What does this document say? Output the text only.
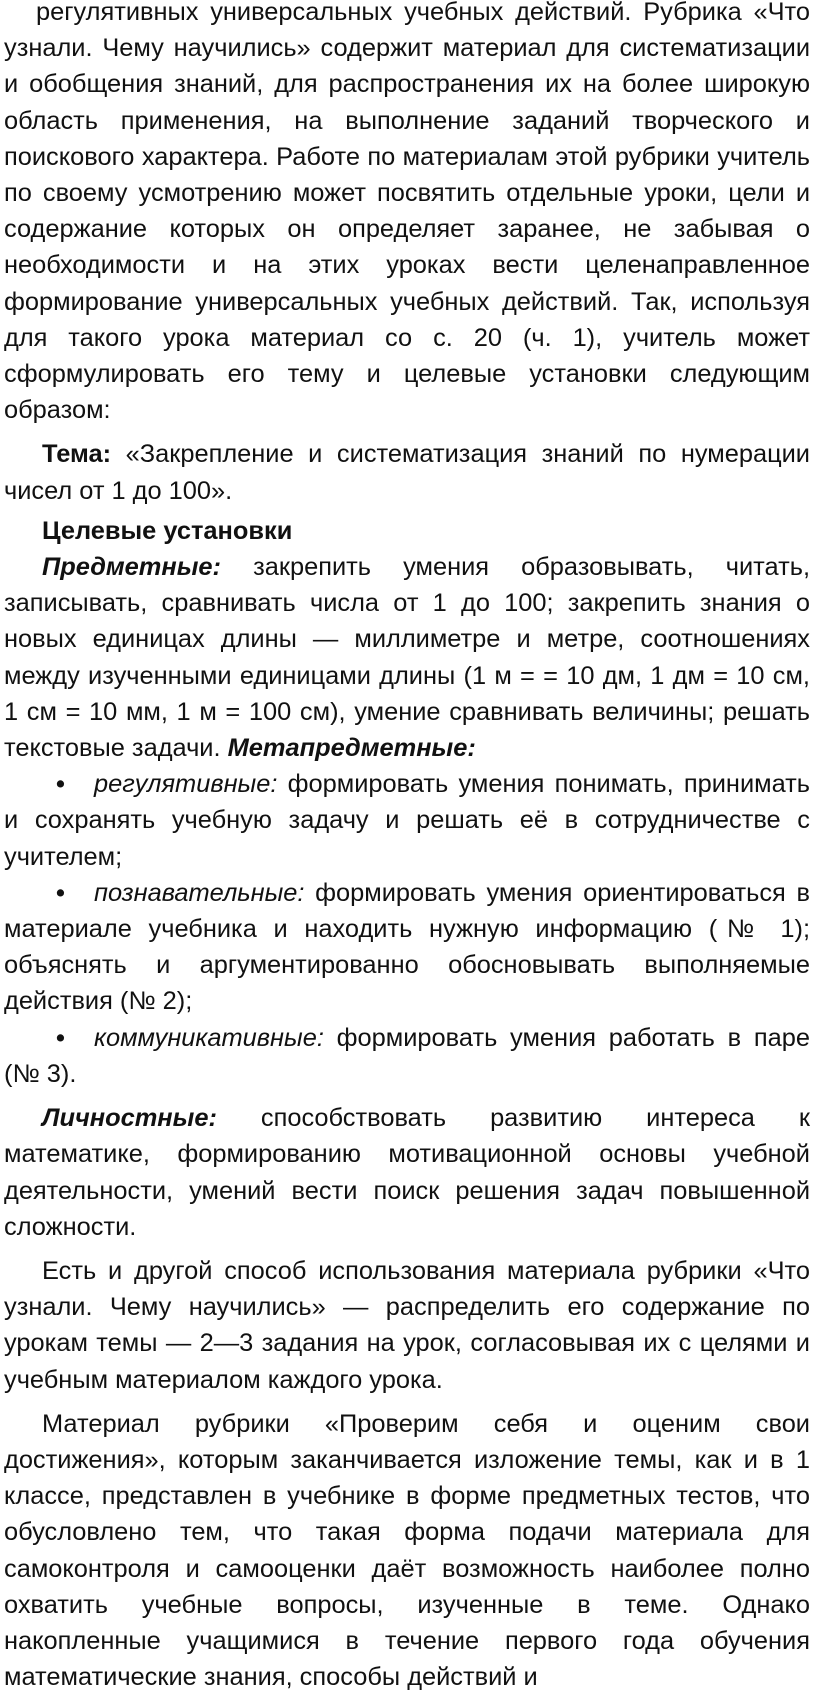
регулятивных универсальных учебных действий. Рубрика «Что узнали. Чему научились» содержит материал для систематизации и обобщения знаний, для распространения их на более широкую область применения, на выполнение заданий творческого и поискового характера. Работе по материалам этой рубрики учитель по своему усмотрению может посвятить отдельные уроки, цели и содержание которых он определяет заранее, не забывая о необходимости и на этих уроках вести целенаправленное формирование универсальных учебных действий. Так, используя для такого урока материал со с. 20 (ч. 1), учитель может сформулировать его тему и целевые установки следующим образом:

Тема: «Закрепление и систематизация знаний по нумерации чисел от 1 до 100».

Целевые установки

Предметные: закрепить умения образовывать, читать, записывать, сравнивать числа от 1 до 100; закрепить знания о новых единицах длины — миллиметре и метре, соотношениях между изученными единицами длины (1 м = = 10 дм, 1 дм = 10 см, 1 см = 10 мм, 1 м = 100 см), умение сравнивать величины; решать текстовые задачи. Метапредметные:

• регулятивные: формировать умения понимать, принимать и сохранять учебную задачу и решать её в сотрудничестве с учителем;

• познавательные: формировать умения ориентироваться в материале учебника и находить нужную информацию (№ 1); объяснять и аргументированно обосновывать выполняемые действия (№ 2);

• коммуникативные: формировать умения работать в паре (№ 3).

Личностные: способствовать развитию интереса к математике, формированию мотивационной основы учебной деятельности, умений вести поиск решения задач повышенной сложности.

Есть и другой способ использования материала рубрики «Что узнали. Чему научились» — распределить его содержание по урокам темы — 2—3 задания на урок, согласовывая их с целями и учебным материалом каждого урока.

Материал рубрики «Проверим себя и оценим свои достижения», которым заканчивается изложение темы, как и в 1 классе, представлен в учебнике в форме предметных тестов, что обусловлено тем, что такая форма подачи материала для самоконтроля и самооценки даёт возможность наиболее полно охватить учебные вопросы, изученные в теме. Однако накопленные учащимися в течение первого года обучения математические знания, способы действий и
